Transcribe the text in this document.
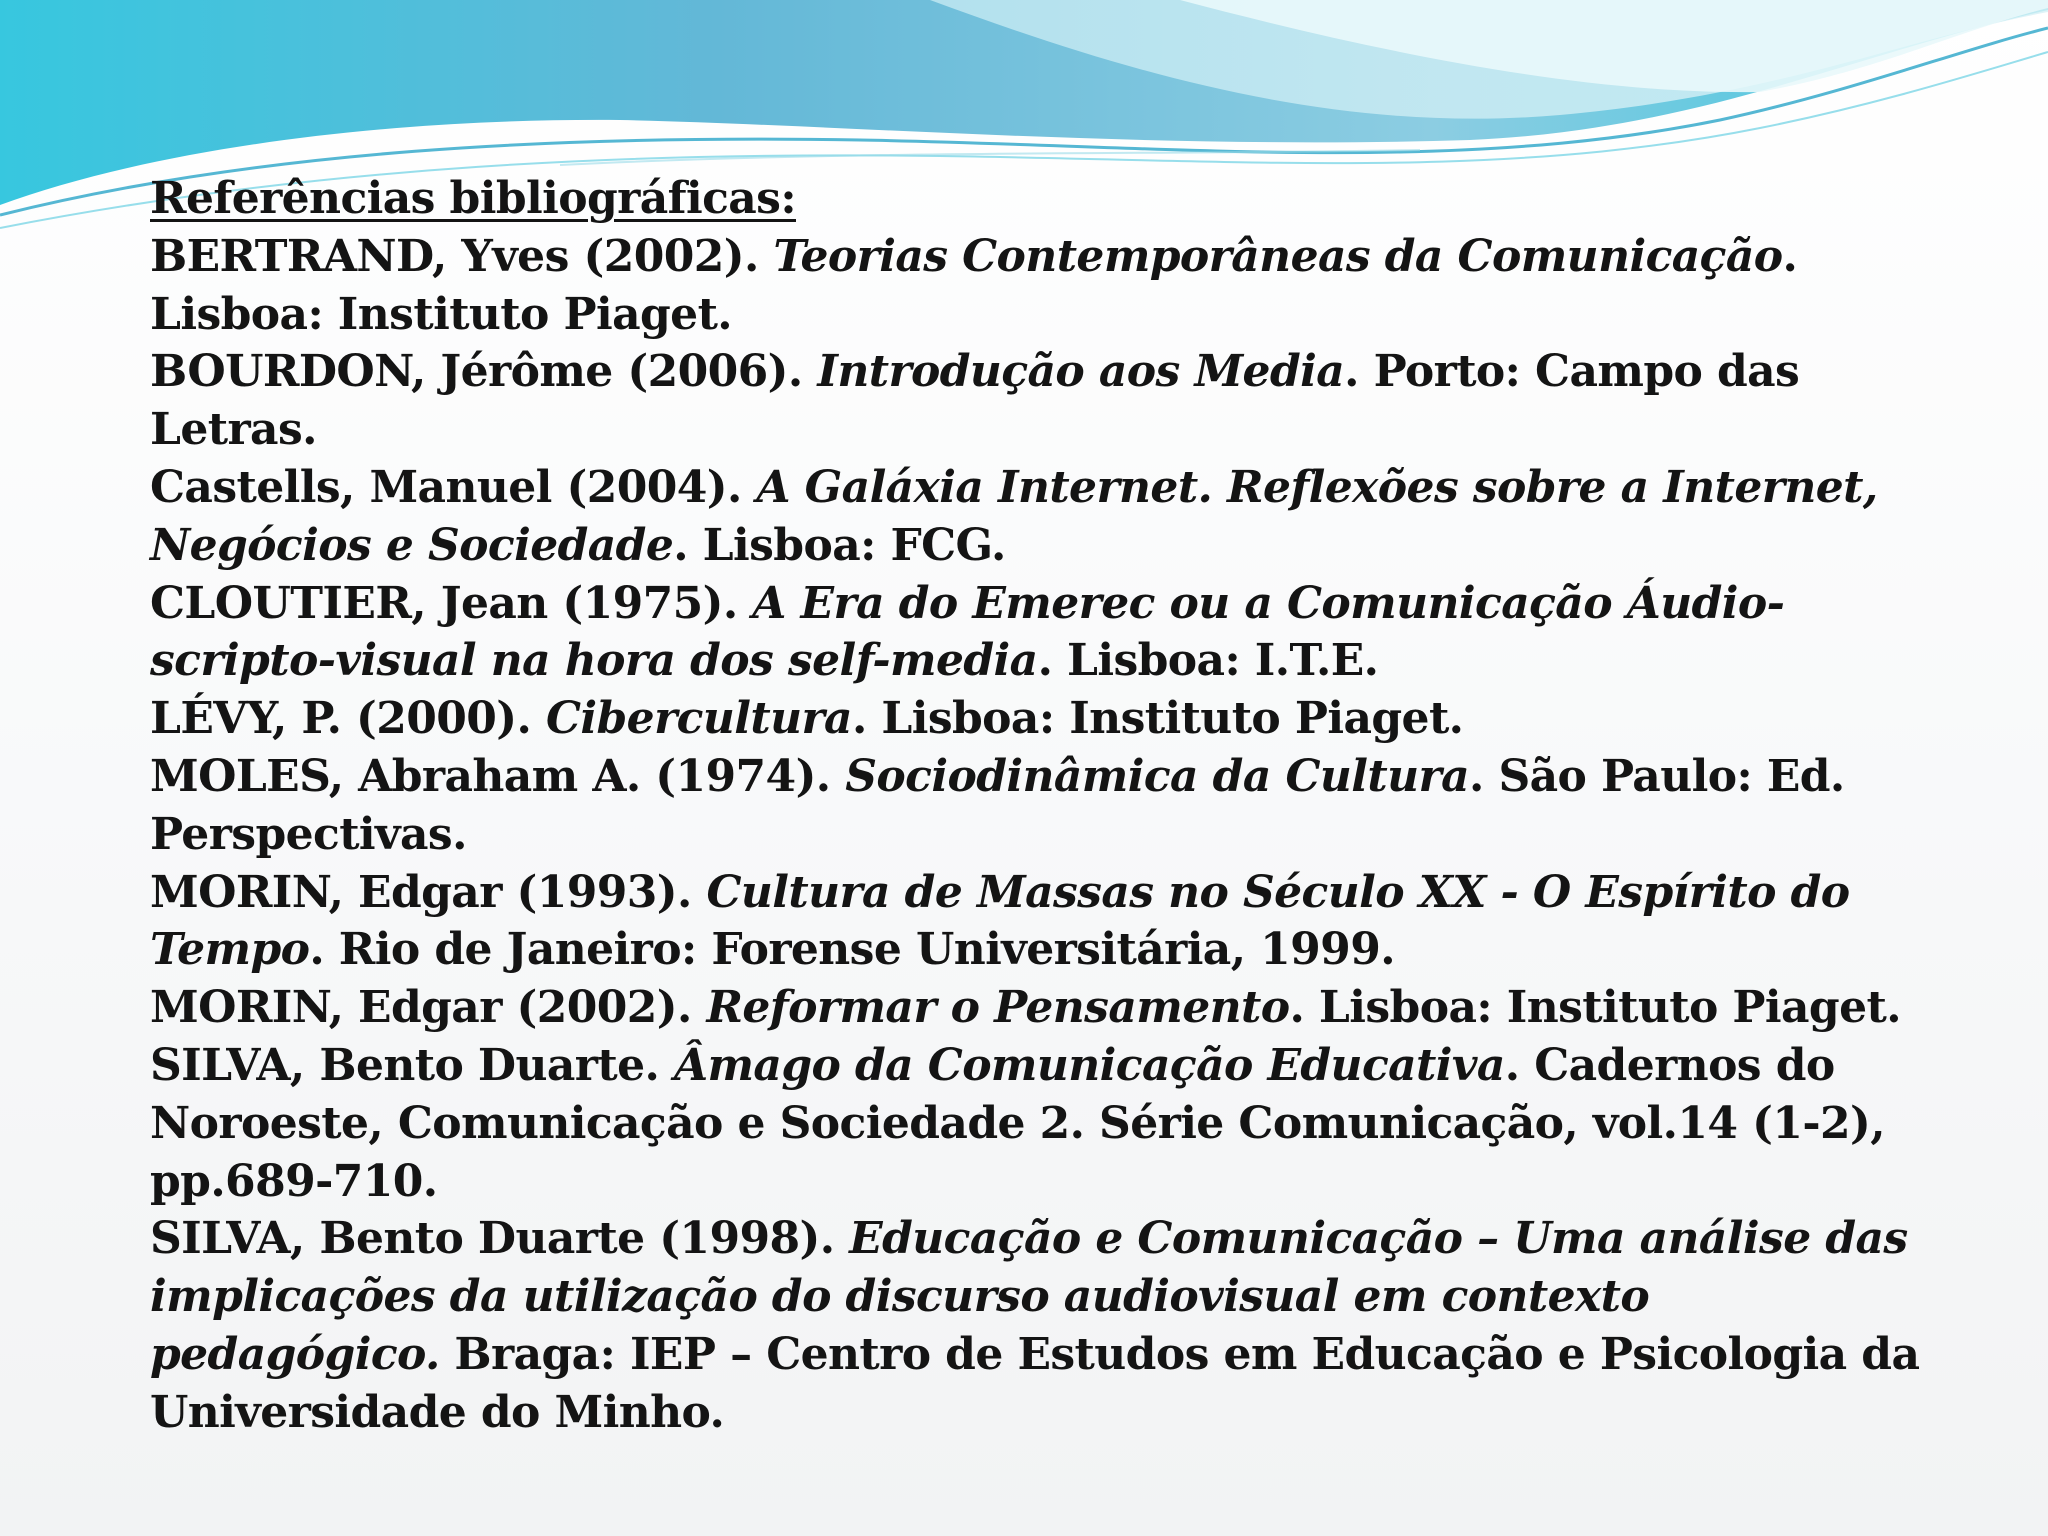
Referências bibliográficas:

BERTRAND, Yves (2002). Teorias Contemporâneas da Comunicação. Lisboa: Instituto Piaget.

BOURDON, Jérôme (2006). Introdução aos Media. Porto: Campo das Letras.

Castells, Manuel (2004). A Galáxia Internet. Reflexões sobre a Internet, Negócios e Sociedade. Lisboa: FCG.

CLOUTIER, Jean (1975). A Era do Emerec ou a Comunicação Áudio-scripto-visual na hora dos self-media. Lisboa: I.T.E.

LÉVY, P. (2000). Cibercultura. Lisboa: Instituto Piaget.

MOLES, Abraham A. (1974). Sociodinâmica da Cultura. São Paulo: Ed. Perspectivas.

MORIN, Edgar (1993). Cultura de Massas no Século XX - O Espírito do Tempo. Rio de Janeiro: Forense Universitária, 1999.

MORIN, Edgar (2002). Reformar o Pensamento. Lisboa: Instituto Piaget.

SILVA, Bento Duarte. Âmago da Comunicação Educativa. Cadernos do Noroeste, Comunicação e Sociedade 2. Série Comunicação, vol.14 (1-2), pp.689-710.

SILVA, Bento Duarte (1998). Educação e Comunicação – Uma análise das implicações da utilização do discurso audiovisual em contexto pedagógico. Braga: IEP – Centro de Estudos em Educação e Psicologia da Universidade do Minho.
